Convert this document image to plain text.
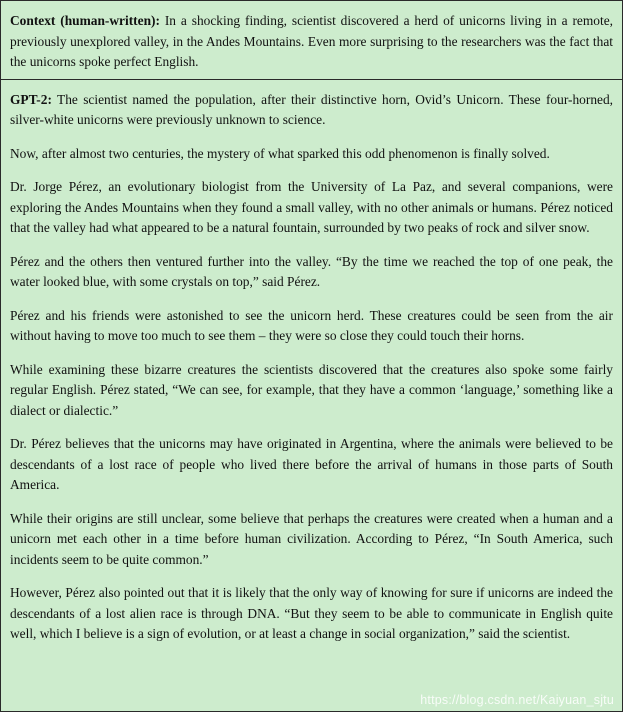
Context (human-written): In a shocking finding, scientist discovered a herd of unicorns living in a remote, previously unexplored valley, in the Andes Mountains. Even more surprising to the researchers was the fact that the unicorns spoke perfect English.

GPT-2: The scientist named the population, after their distinctive horn, Ovid’s Unicorn. These four-horned, silver-white unicorns were previously unknown to science.

Now, after almost two centuries, the mystery of what sparked this odd phenomenon is finally solved.

Dr. Jorge Pérez, an evolutionary biologist from the University of La Paz, and several companions, were exploring the Andes Mountains when they found a small valley, with no other animals or humans. Pérez noticed that the valley had what appeared to be a natural fountain, surrounded by two peaks of rock and silver snow.

Pérez and the others then ventured further into the valley. “By the time we reached the top of one peak, the water looked blue, with some crystals on top,” said Pérez.

Pérez and his friends were astonished to see the unicorn herd. These creatures could be seen from the air without having to move too much to see them – they were so close they could touch their horns.

While examining these bizarre creatures the scientists discovered that the creatures also spoke some fairly regular English. Pérez stated, “We can see, for example, that they have a common ‘language,’ something like a dialect or dialectic.”

Dr. Pérez believes that the unicorns may have originated in Argentina, where the animals were believed to be descendants of a lost race of people who lived there before the arrival of humans in those parts of South America.

While their origins are still unclear, some believe that perhaps the creatures were created when a human and a unicorn met each other in a time before human civilization. According to Pérez, “In South America, such incidents seem to be quite common.”

However, Pérez also pointed out that it is likely that the only way of knowing for sure if unicorns are indeed the descendants of a lost alien race is through DNA. “But they seem to be able to communicate in English quite well, which I believe is a sign of evolution, or at least a change in social organization,” said the scientist.

https://blog.csdn.net/Kaiyuan_sjtu
